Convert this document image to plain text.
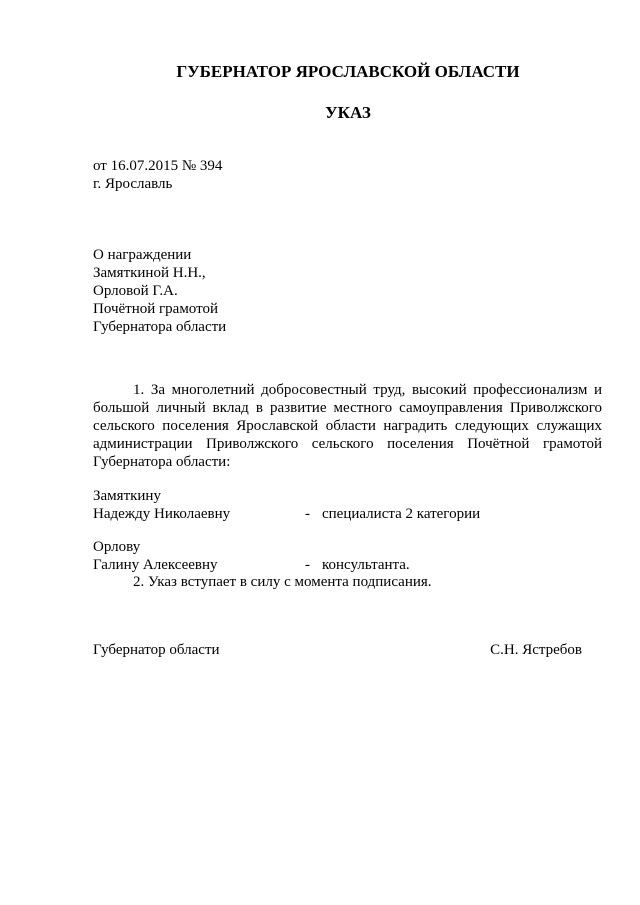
ГУБЕРНАТОР ЯРОСЛАВСКОЙ ОБЛАСТИ
УКАЗ
от 16.07.2015 № 394
г. Ярославль
О награждении
Замяткиной Н.Н.,
Орловой Г.А.
Почётной грамотой
Губернатора области
1. За многолетний добросовестный труд, высокий профессионализм и большой личный вклад в развитие местного самоуправления Приволжского сельского поселения Ярославской области наградить следующих служащих администрации Приволжского сельского поселения Почётной грамотой Губернатора области:
Замяткину
Надежду Николаевну	- специалиста 2 категории
Орлову
Галину Алексеевну	- консультанта.
2. Указ вступает в силу с момента подписания.
Губернатор области	С.Н. Ястребов
